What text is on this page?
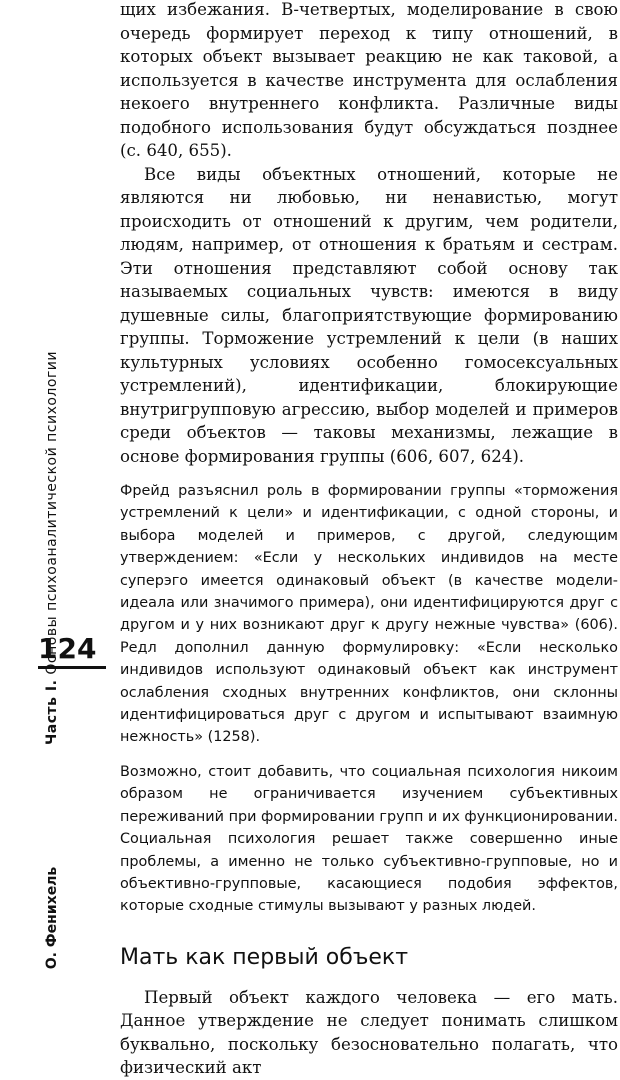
Часть I. Основы психоаналитической психологии
124
О. Фенихель

щих избежания. В-четвертых, моделирование в свою очередь формирует переход к типу отношений, в которых объект вызывает реакцию не как таковой, а используется в качестве инструмента для ослабления некоего внутреннего конфликта. Различные виды подобного использования будут обсуждаться позднее (с. 640, 655).

Все виды объектных отношений, которые не являются ни любовью, ни ненавистью, могут происходить от отношений к другим, чем родители, людям, например, от отношения к братьям и сестрам. Эти отношения представляют собой основу так называемых социальных чувств: имеются в виду душевные силы, благоприятствующие формированию группы. Торможение устремлений к цели (в наших культурных условиях особенно гомосексуальных устремлений), идентификации, блокирующие внутригрупповую агрессию, выбор моделей и примеров среди объектов — таковы механизмы, лежащие в основе формирования группы (606, 607, 624).

Фрейд разъяснил роль в формировании группы «торможения устремлений к цели» и идентификации, с одной стороны, и выбора моделей и примеров, с другой, следующим утверждением: «Если у нескольких индивидов на месте суперэго имеется одинаковый объект (в качестве модели-идеала или значимого примера), они идентифицируются друг с другом и у них возникают друг к другу нежные чувства» (606). Редл дополнил данную формулировку: «Если несколько индивидов используют одинаковый объект как инструмент ослабления сходных внутренних конфликтов, они склонны идентифицироваться друг с другом и испытывают взаимную нежность» (1258).

Возможно, стоит добавить, что социальная психология никоим образом не ограничивается изучением субъективных переживаний при формировании групп и их функционировании. Социальная психология решает также совершенно иные проблемы, а именно не только субъективно-групповые, но и объективно-групповые, касающиеся подобия эффектов, которые сходные стимулы вызывают у разных людей.

Мать как первый объект

Первый объект каждого человека — его мать. Данное утверждение не следует понимать слишком буквально, поскольку безосновательно полагать, что физический акт
